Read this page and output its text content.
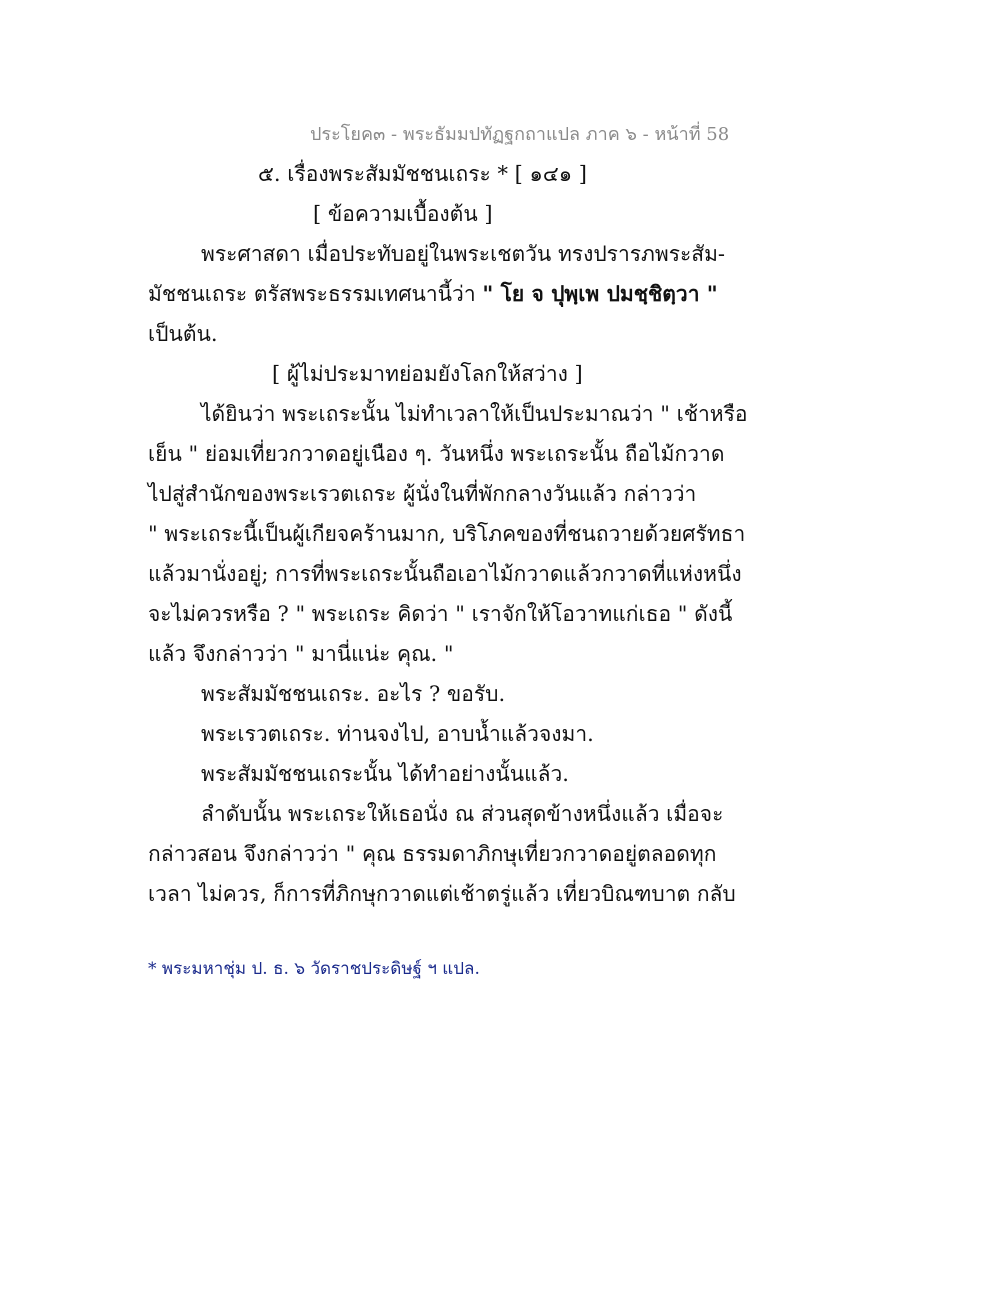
ประโยค๓ - พระธัมมปทัฏฐกถาแปล ภาค ๖ - หน้าที่ 58
๕. เรื่องพระสัมมัชชนเถระ * [ ๑๔๑ ]
[ ข้อความเบื้องต้น ]
พระศาสดา เมื่อประทับอยู่ในพระเชตวัน ทรงปรารภพระสัม-
มัชชนเถระ ตรัสพระธรรมเทศนานี้ว่า " โย จ ปุพฺเพ ปมชฺชิตฺวา "
เป็นต้น.
[ ผู้ไม่ประมาทย่อมยังโลกให้สว่าง ]
ได้ยินว่า พระเถระนั้น ไม่ทำเวลาให้เป็นประมาณว่า " เช้าหรือ
เย็น " ย่อมเที่ยวกวาดอยู่เนือง ๆ. วันหนึ่ง พระเถระนั้น ถือไม้กวาด
ไปสู่สำนักของพระเรวตเถระ ผู้นั่งในที่พักกลางวันแล้ว กล่าวว่า
" พระเถระนี้เป็นผู้เกียจคร้านมาก, บริโภคของที่ชนถวายด้วยศรัทธา
แล้วมานั่งอยู่; การที่พระเถระนั้นถือเอาไม้กวาดแล้วกวาดที่แห่งหนึ่ง
จะไม่ควรหรือ ? " พระเถระ คิดว่า " เราจักให้โอวาทแก่เธอ " ดังนี้
แล้ว จึงกล่าวว่า " มานี่แน่ะ คุณ. "
พระสัมมัชชนเถระ. อะไร ? ขอรับ.
พระเรวตเถระ. ท่านจงไป, อาบน้ำแล้วจงมา.
พระสัมมัชชนเถระนั้น ได้ทำอย่างนั้นแล้ว.
ลำดับนั้น พระเถระให้เธอนั่ง ณ ส่วนสุดข้างหนึ่งแล้ว เมื่อจะ
กล่าวสอน จึงกล่าวว่า " คุณ ธรรมดาภิกษุเที่ยวกวาดอยู่ตลอดทุก
เวลา ไม่ควร, ก็การที่ภิกษุกวาดแต่เช้าตรู่แล้ว เที่ยวบิณฑบาต กลับ
* พระมหาชุ่ม ป. ธ. ๖ วัดราชประดิษฐ์ ฯ แปล.
